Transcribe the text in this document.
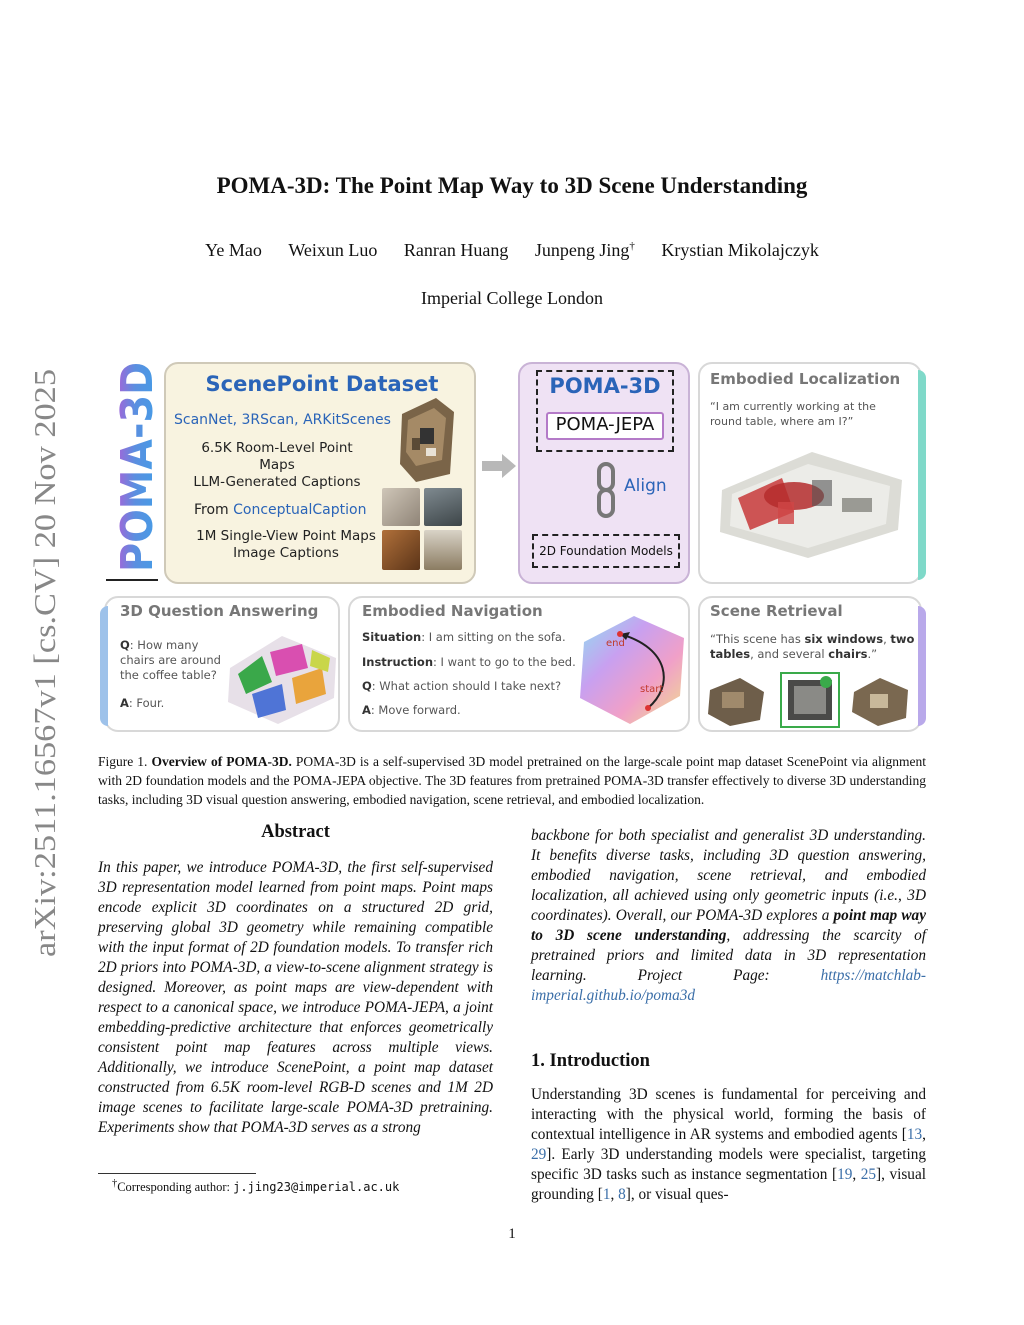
arXiv:2511.16567v1 [cs.CV] 20 Nov 2025
POMA-3D: The Point Map Way to 3D Scene Understanding
Ye Mao Weixun Luo Ranran Huang Junpeng Jing† Krystian Mikolajczyk
Imperial College London
POMA-3D	ScenePoint Dataset
ScanNet, 3RScan, ARKitScenes
6.5K Room-Level Point Maps
LLM-Generated Captions
From ConceptualCaption
1M Single-View Point Maps
Image Captions
POMA-3D
POMA-JEPA
Align
2D Foundation Models
Embodied Localization
“I am currently working at the
round table, where am I?”
3D Question Answering
Q: How many
chairs are around
the coffee table?
A: Four.
Embodied Navigation
Situation: I am sitting on the sofa.
Instruction: I want to go to the bed.
Q: What action should I take next?
A: Move forward.
end
start
Scene Retrieval
“This scene has six windows, two
tables, and several chairs.”
Figure 1. Overview of POMA-3D. POMA-3D is a self-supervised 3D model pretrained on the large-scale point map dataset ScenePoint via alignment with 2D foundation models and the POMA-JEPA objective. The 3D features from pretrained POMA-3D transfer effectively to diverse 3D understanding tasks, including 3D visual question answering, embodied navigation, scene retrieval, and embodied localization.
Abstract

In this paper, we introduce POMA-3D, the first self-supervised 3D representation model learned from point maps. Point maps encode explicit 3D coordinates on a structured 2D grid, preserving global 3D geometry while remaining compatible with the input format of 2D foundation models. To transfer rich 2D priors into POMA-3D, a view-to-scene alignment strategy is designed. Moreover, as point maps are view-dependent with respect to a canonical space, we introduce POMA-JEPA, a joint embedding-predictive architecture that enforces geometrically consistent point map features across multiple views. Additionally, we introduce ScenePoint, a point map dataset constructed from 6.5K room-level RGB-D scenes and 1M 2D image scenes to facilitate large-scale POMA-3D pretraining. Experiments show that POMA-3D serves as a strong

backbone for both specialist and generalist 3D understanding. It benefits diverse tasks, including 3D question answering, embodied navigation, scene retrieval, and embodied localization, all achieved using only geometric inputs (i.e., 3D coordinates). Overall, our POMA-3D explores a point map way to 3D scene understanding, addressing the scarcity of pretrained priors and limited data in 3D representation learning. Project Page: https://matchlab-imperial.github.io/poma3d

1. Introduction

Understanding 3D scenes is fundamental for perceiving and interacting with the physical world, forming the basis of contextual intelligence in AR systems and embodied agents [13, 29]. Early 3D understanding models were specialist, targeting specific 3D tasks such as instance segmentation [19, 25], visual grounding [1, 8], or visual ques-

†Corresponding author: j.jing23@imperial.ac.uk
1
